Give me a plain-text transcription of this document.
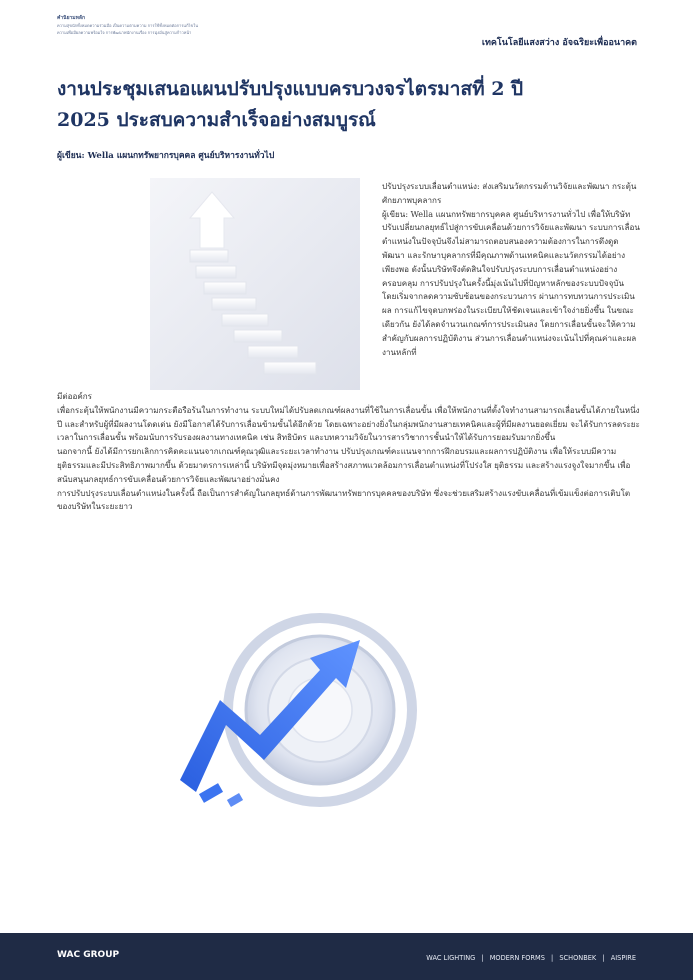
คำนิยามหลัก
ความสุขนักทั้งหมดความร่วมมือ เป็นความตามความ การใช้ทั้งหมดต่อการแก้ไขใน
ความเพื่อมีผลความพร้อมใจ การพัฒนาพนักงานเรื่อง การมุ่งมั่นสู่ความก้าวหน้า
เทคโนโลยีแสงสว่าง อัจฉริยะเพื่ออนาคต
งานประชุมเสนอแผนปรับปรุงแบบครบวงจรไตรมาสที่ 2 ปี
2025 ประสบความสำเร็จอย่างสมบูรณ์
ผู้เขียน: Wella แผนกทรัพยากรบุคคล ศูนย์บริหารงานทั่วไป

ปรับปรุงระบบเลื่อนตำแหน่ง: ส่งเสริมนวัตกรรมด้านวิจัยและพัฒนา กระตุ้นศักยภาพบุคลากร

ผู้เขียน: Wella แผนกทรัพยากรบุคคล ศูนย์บริหารงานทั่วไป เพื่อให้บริษัทปรับเปลี่ยนกลยุทธ์ไปสู่การขับเคลื่อนด้วยการวิจัยและพัฒนา ระบบการเลื่อนตำแหน่งในปัจจุบันจึงไม่สามารถตอบสนองความต้องการในการดึงดูด พัฒนา และรักษาบุคลากรที่มีคุณภาพด้านเทคนิคและนวัตกรรมได้อย่างเพียงพอ ดังนั้นบริษัทจึงตัดสินใจปรับปรุงระบบการเลื่อนตำแหน่งอย่างครอบคลุม การปรับปรุงในครั้งนี้มุ่งเน้นไปที่ปัญหาหลักของระบบปัจจุบัน โดยเริ่มจากลดความซับซ้อนของกระบวนการ ผ่านการทบทวนการประเมินผล การแก้ไขจุดบกพร่องในระเบียบให้ชัดเจนและเข้าใจง่ายยิ่งขึ้น ในขณะเดียวกัน ยังได้ลดจำนวนเกณฑ์การประเมินลง โดยการเลื่อนขั้นจะให้ความสำคัญกับผลการปฏิบัติงาน ส่วนการเลื่อนตำแหน่งจะเน้นไปที่คุณค่าและผลงานหลักที่

มีต่ออค์กร

เพื่อกระตุ้นให้พนักงานมีความกระตือรือร้นในการทำงาน ระบบใหม่ได้ปรับลดเกณฑ์ผลงานที่ใช้ในการเลื่อนขั้น เพื่อให้พนักงานที่ตั้งใจทำงานสามารถเลื่อนขั้นได้ภายในหนึ่งปี และสำหรับผู้ที่มีผลงานโดดเด่น ยังมีโอกาสได้รับการเลื่อนข้ามขั้นได้อีกด้วย โดยเฉพาะอย่างยิ่งในกลุ่มพนักงานสายเทคนิคและผู้ที่มีผลงานยอดเยี่ยม จะได้รับการลดระยะเวลาในการเลื่อนขั้น พร้อมนับการรับรองผลงานทางเทคนิค เช่น สิทธิบัตร และบทความวิจัยในวารสารวิชาการชั้นนำให้ได้รับการยอมรับมากยิ่งขึ้น

นอกจากนี้ ยังได้มีการยกเลิกการคิดคะแนนจากเกณฑ์คุณวุฒิและระยะเวลาทำงาน ปรับปรุงเกณฑ์คะแนนจากการฝึกอบรมและผลการปฏิบัติงาน เพื่อให้ระบบมีความยุติธรรมและมีประสิทธิภาพมากขึ้น ด้วยมาตรการเหล่านี้ บริษัทมีจุดมุ่งหมายเพื่อสร้างสภาพแวดล้อมการเลื่อนตำแหน่งที่โปร่งใส ยุติธรรม และสร้างแรงจูงใจมากขึ้น เพื่อสนับสนุนกลยุทธ์การขับเคลื่อนด้วยการวิจัยและพัฒนาอย่างมั่นคง

การปรับปรุงระบบเลื่อนตำแหน่งในครั้งนี้ ถือเป็นการสำคัญในกลยุทธ์ด้านการพัฒนาทรัพยากรบุคคลของบริษัท ซึ่งจะช่วยเสริมสร้างแรงขับเคลื่อนที่เข้มแข็งต่อการเติบโตของบริษัทในระยะยาว

WAC GROUP	WAC LIGHTING | MODERN FORMS | SCHONBEK | AISPIRE
